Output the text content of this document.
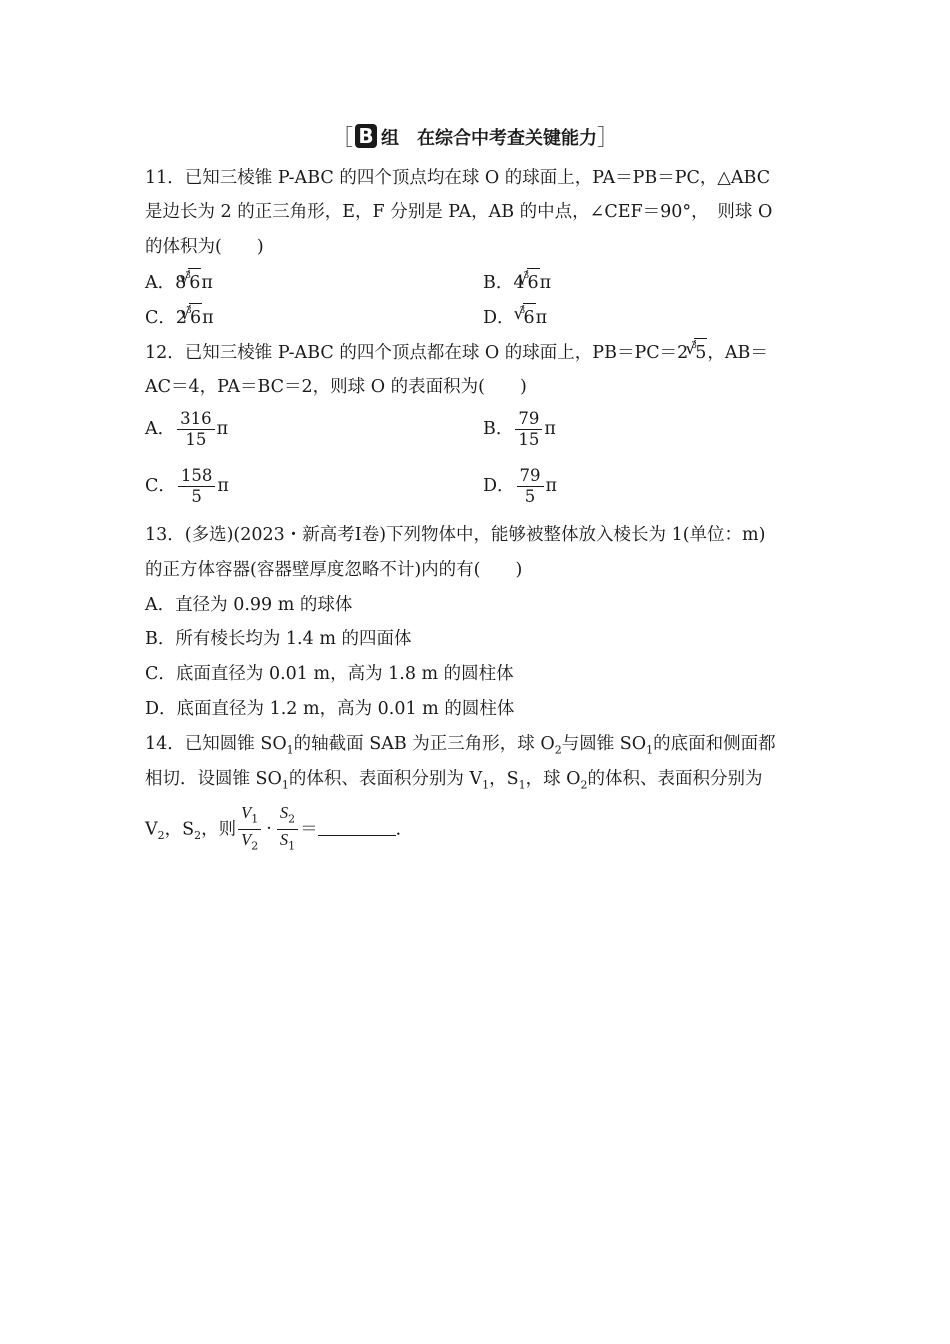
［ B 组 在综合中考查关键能力］
11．已知三棱锥 P-ABC 的四个顶点均在球 O 的球面上，PA＝PB＝PC，△ABC
是边长为 2 的正三角形，E，F 分别是 PA，AB 的中点，∠CEF＝90°，　则球 O
的体积为(　　)
A．8 3
√ 6π	B．4 3
√ 6π
C．2 3
√ 6π	D． 3
√ 6π
12．已知三棱锥 P-ABC 的四个顶点都在球 O 的球面上，PB＝PC＝2 3
√ 5，AB＝
AC＝4，PA＝BC＝2，则球 O 的表面积为(　　)
A． $\frac{316}{15}$ π	B． $\frac{79}{15}$ π
C． $\frac{158}{5}$ π	D． $\frac{79}{5}$ π
13．(多选)(2023・新高考Ⅰ卷)下列物体中，能够被整体放入棱长为 1(单位：m)
的正方体容器(容器壁厚度忽略不计)内的有(　　)
A．直径为 0.99 m 的球体
B．所有棱长均为 1.4 m 的四面体
C．底面直径为 0.01 m，高为 1.8 m 的圆柱体
D．底面直径为 1.2 m，高为 0.01 m 的圆柱体
14．已知圆锥 $SO_1$的轴截面 SAB 为正三角形，球 $O_2$与圆锥 $SO_1$的底面和侧面都
相切．设圆锥 $SO_1$的体积、表面积分别为 $V_1$，$S_1$，球 $O_2$的体积、表面积分别为
$V_2$，$S_2$，则 $\frac{V_1}{V_2} \cdot \frac{S_2}{S_1}$ ＝	．
